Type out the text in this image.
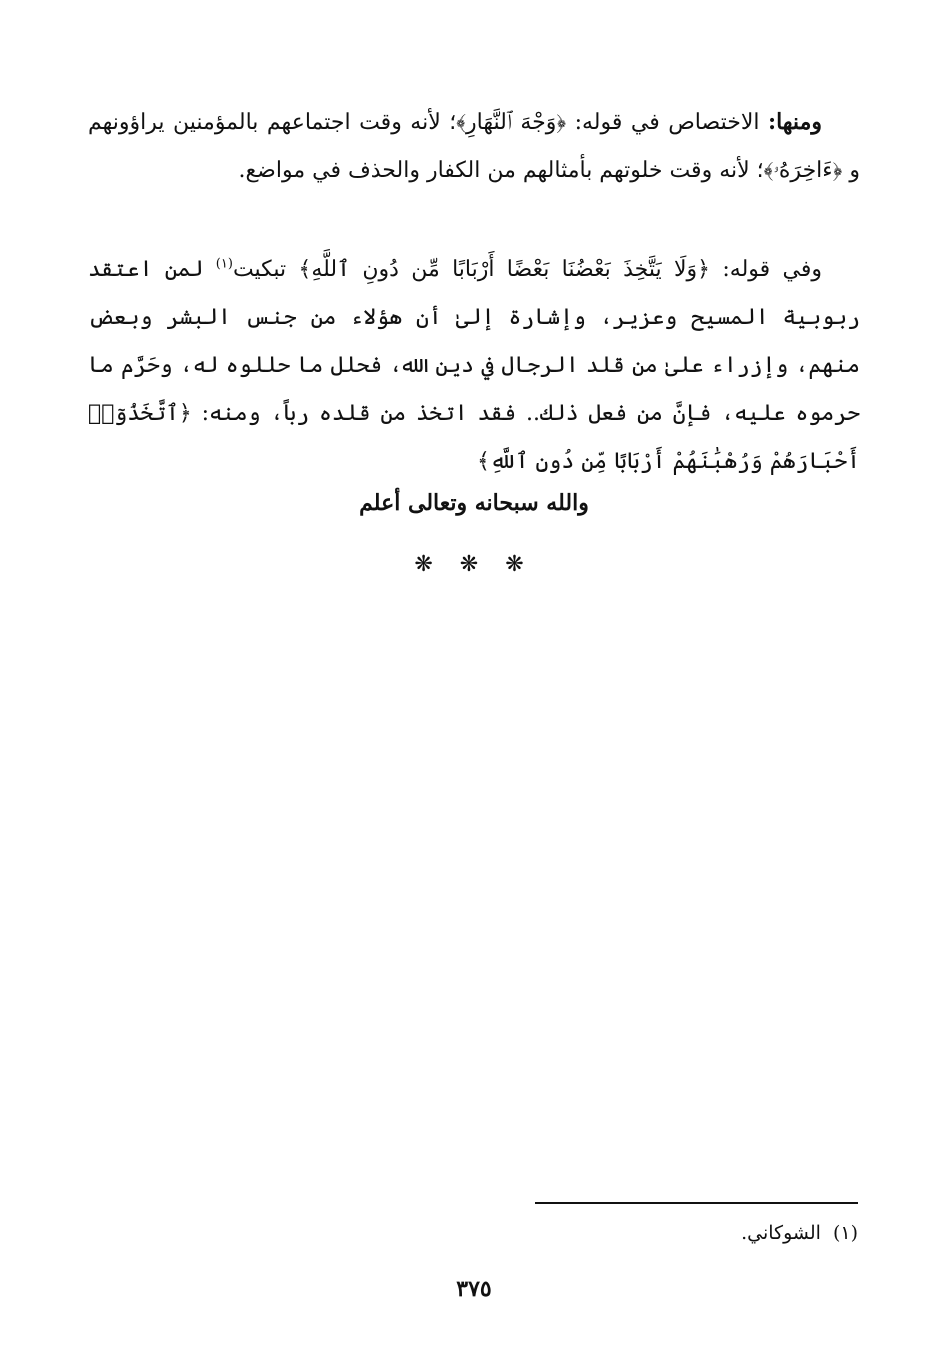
ومنها: الاختصاص في قوله: ﴿وَجْهَ ٱلنَّهَارِ﴾؛ لأنه وقت اجتماعهم بالمؤمنين يراؤونهم و ﴿ءَاخِرَهُۥ﴾؛ لأنه وقت خلوتهم بأمثالهم من الكفار والحذف في مواضع.

وفي قوله: ﴿وَلَا يَتَّخِذَ بَعْضُنَا بَعْضًا أَرْبَابًا مِّن دُونِ ٱللَّهِ﴾ تبكيت$^{(١)}$ لمن اعتقد ربوبية المسيح وعزير، وإشارة إلىٰ أن هؤلاء من جنس البشر وبعض منهم، وإزراء علىٰ من قلد الرجال في دين الله، فحلل ما حللوه له، وحَرَّم ما حرموه عليه، فإنَّ من فعل ذلك.. فقد اتخذ من قلده رباً، ومنه: ﴿ٱتَّخَذُوٓا۟ أَحْبَارَهُمْ وَرُهْبَٰنَهُمْ أَرْبَابًا مِّن دُونِ ٱللَّهِ﴾

والله سبحانه وتعالى أعلم
❋ ❋ ❋
(١)الشوكاني.
٣٧٥
